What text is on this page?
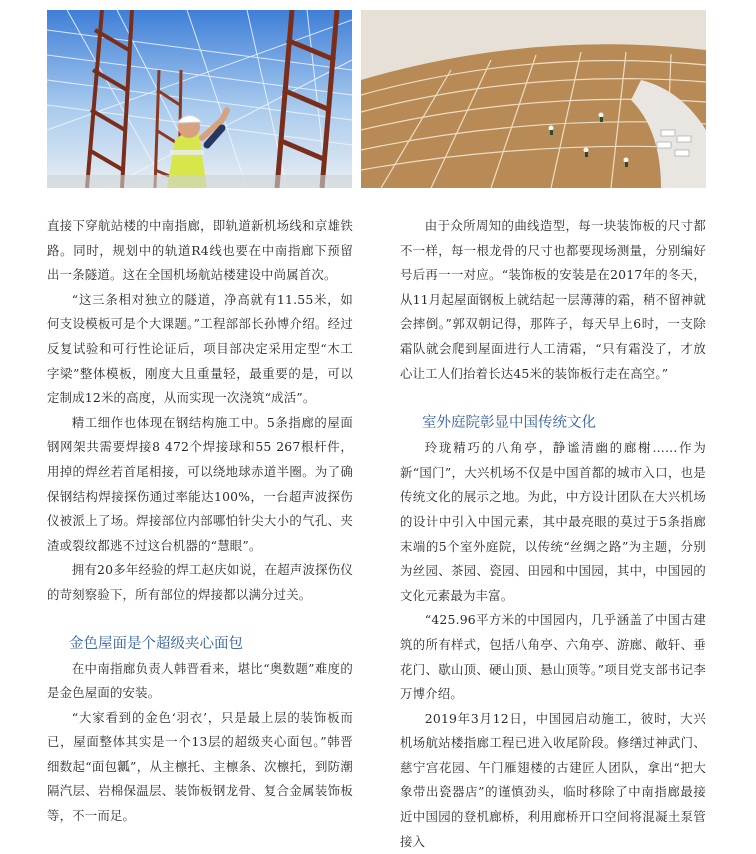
直接下穿航站楼的中南指廊，即轨道新机场线和京雄铁路。同时，规划中的轨道R4线也要在中南指廊下预留出一条隧道。这在全国机场航站楼建设中尚属首次。

“这三条相对独立的隧道，净高就有11.55米，如何支设模板可是个大课题。”工程部部长孙博介绍。经过反复试验和可行性论证后，项目部决定采用定型“木工字梁”整体模板，刚度大且重量轻，最重要的是，可以定制成12米的高度，从而实现一次浇筑“成活”。

精工细作也体现在钢结构施工中。5条指廊的屋面钢网架共需要焊接8 472个焊接球和55 267根杆件，用掉的焊丝若首尾相接，可以绕地球赤道半圈。为了确保钢结构焊接探伤通过率能达100%，一台超声波探伤仪被派上了场。焊接部位内部哪怕针尖大小的气孔、夹渣或裂纹都逃不过这台机器的“慧眼”。

拥有20多年经验的焊工赵庆如说，在超声波探伤仪的苛刻察验下，所有部位的焊接都以满分过关。

金色屋面是个超级夹心面包

在中南指廊负责人韩晋看来，堪比“奥数题”难度的是金色屋面的安装。

“大家看到的金色‘羽衣’，只是最上层的装饰板而已，屋面整体其实是一个13层的超级夹心面包。”韩晋细数起“面包瓤”，从主檩托、主檩条、次檩托，到防潮隔汽层、岩棉保温层、装饰板钢龙骨、复合金属装饰板等，不一而足。

由于众所周知的曲线造型，每一块装饰板的尺寸都不一样，每一根龙骨的尺寸也都要现场测量，分别编好号后再一一对应。“装饰板的安装是在2017年的冬天，从11月起屋面钢板上就结起一层薄薄的霜，稍不留神就会摔倒。”郭双朝记得，那阵子，每天早上6时，一支除霜队就会爬到屋面进行人工清霜，“只有霜没了，才放心让工人们抬着长达45米的装饰板行走在高空。”

室外庭院彰显中国传统文化

玲珑精巧的八角亭，静谧清幽的廊榭……作为新“国门”，大兴机场不仅是中国首都的城市入口，也是传统文化的展示之地。为此，中方设计团队在大兴机场的设计中引入中国元素，其中最亮眼的莫过于5条指廊末端的5个室外庭院，以传统“丝绸之路”为主题，分别为丝园、茶园、瓷园、田园和中国园，其中，中国园的文化元素最为丰富。

“425.96平方米的中国园内，几乎涵盖了中国古建筑的所有样式，包括八角亭、六角亭、游廊、敞轩、垂花门、歇山顶、硬山顶、悬山顶等。”项目党支部书记李万博介绍。

2019年3月12日，中国园启动施工，彼时，大兴机场航站楼指廊工程已进入收尾阶段。修缮过神武门、慈宁宫花园、午门雁翅楼的古建匠人团队，拿出“把大象带出瓷器店”的谨慎劲头，临时移除了中南指廊最接近中国园的登机廊桥，利用廊桥开口空间将混凝土泵管接入
